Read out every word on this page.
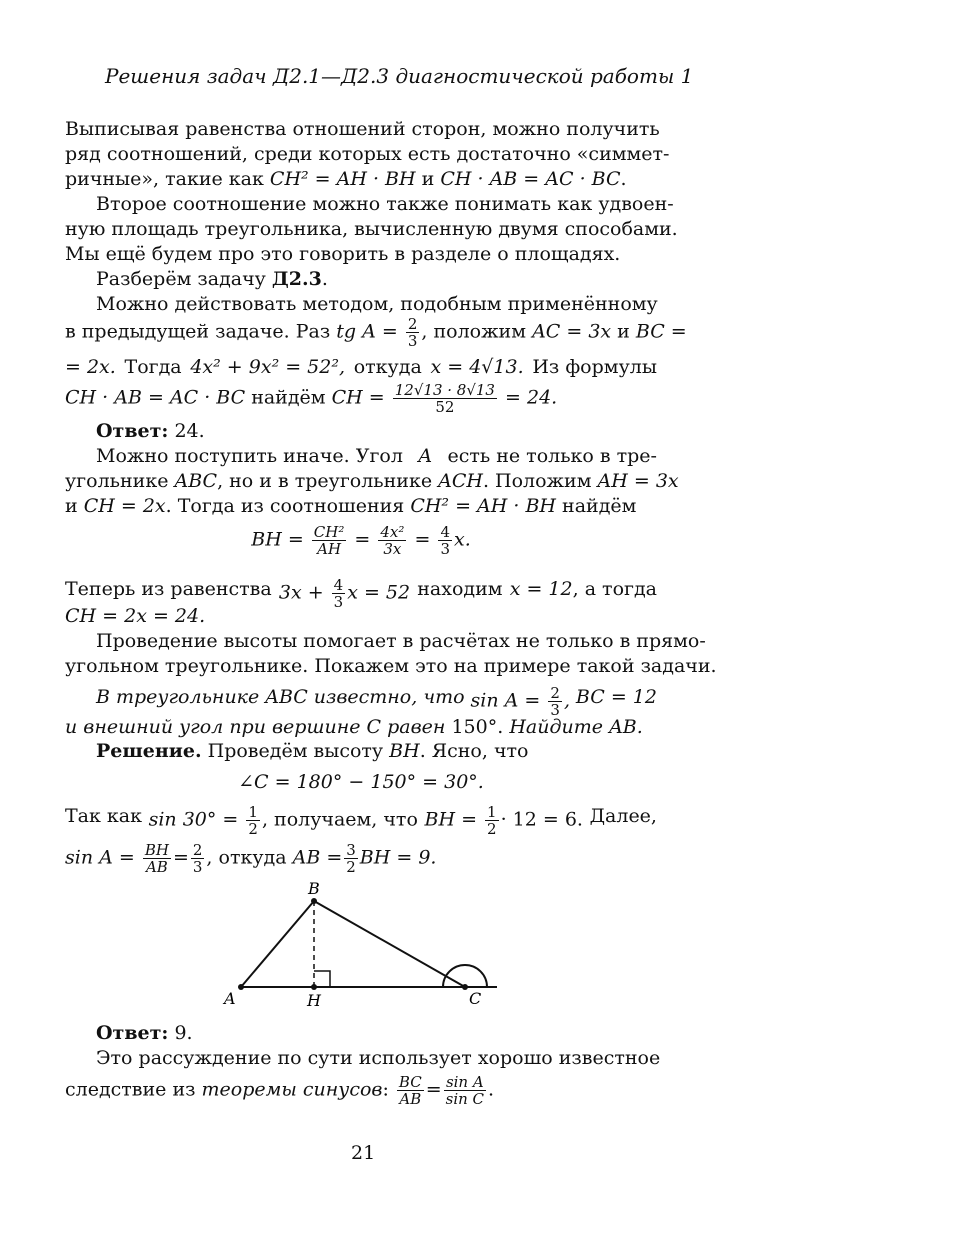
Решения задач Д2.1—Д2.3 диагностической работы 1
Выписывая равенства отношений сторон, можно получить
ряд соотношений, среди которых есть достаточно «симмет-
ричные», такие как CH² = AH · BH и CH · AB = AC · BC.
Второе соотношение можно также понимать как удвоен-
ную площадь треугольника, вычисленную двумя способами.
Мы ещё будем про это говорить в разделе о площадях.
Разберём задачу Д2.3.
Можно действовать методом, подобным применённому
в предыдущей задаче. Раз tg $A = \frac{2}{3}$ , положим AC = 3x и BC =
= 2x. Тогда 4x² + 9x² = 52², откуда x = 4√13. Из формулы
CH · AB = AC · BC найдём CH = $\frac{12√13 \cdot 8√13}{52} = 24$.
Ответ: 24.
Можно поступить иначе. Угол A есть не только в тре-
угольнике ABC, но и в треугольнике ACH. Положим AH = 3x
и CH = 2x. Тогда из соотношения CH² = AH · BH найдём
BH = $\frac{\text{CH²}}{AH} = \frac{\text{4x²}}{3x} = \frac{4}{3} x$.
Теперь из равенства $3x + \frac{4}{3}$ x = 52 находим x = 12, а тогда
CH = 2x = 24.
Проведение высоты помогает в расчётах не только в прямо-
угольном треугольнике. Покажем это на примере такой задачи.
В треугольнике ABC известно, что $\sin A = \frac{2}{3}$ , BC = 12
и внешний угол при вершине C равен 150°. Найдите AB.
Решение. Проведём высоту BH. Ясно, что
∠C = 180° − 150° = 30°.
Так как $\sin 30^\circ = \frac{1}{2}$ , получаем, что BH = $\frac{1}{2} \cdot 12 = 6$. Далее,
$\sin A = \frac{BH}{AB} = \frac{2}{3}$ , откуда AB = $\frac{3}{2}$ BH = 9.
A
B
H	C
Ответ: 9.
Это рассуждение по сути использует хорошо известное
следствие из теоремы синусов: $\frac{BC}{AB} = \frac{\text{sin A}}{\text{sin C}}$ .
21
